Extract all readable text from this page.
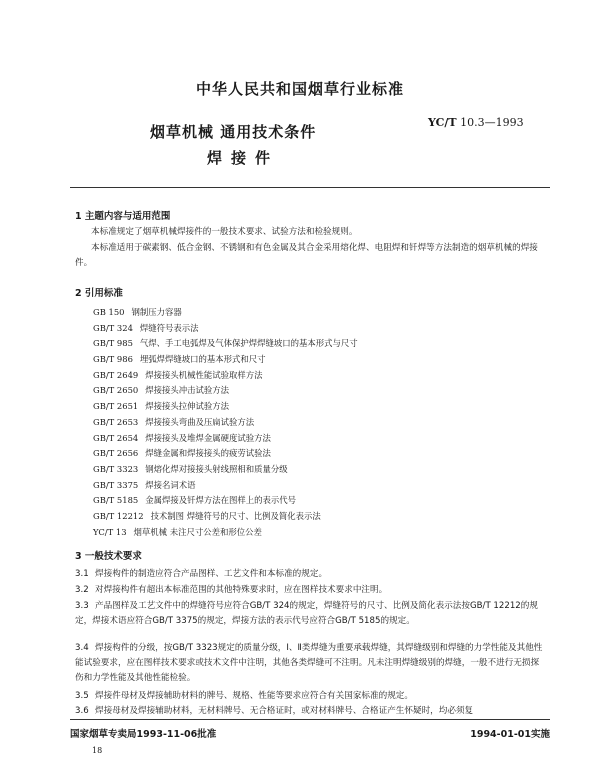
中华人民共和国烟草行业标准
烟草机械 通用技术条件
焊接件
YC/T 10.3—1993
1 主题内容与适用范围
本标准规定了烟草机械焊接件的一般技术要求、试验方法和检验规则。
本标准适用于碳素钢、低合金钢、不锈钢和有色金属及其合金采用熔化焊、电阻焊和钎焊等方法制造的烟草机械的焊接件。
2 引用标准
GB 150 钢制压力容器
GB/T 324 焊缝符号表示法
GB/T 985 气焊、手工电弧焊及气体保护焊焊缝坡口的基本形式与尺寸
GB/T 986 埋弧焊焊缝坡口的基本形式和尺寸
GB/T 2649 焊接接头机械性能试验取样方法
GB/T 2650 焊接接头冲击试验方法
GB/T 2651 焊接接头拉伸试验方法
GB/T 2653 焊接接头弯曲及压扁试验方法
GB/T 2654 焊接接头及堆焊金属硬度试验方法
GB/T 2656 焊缝金属和焊接接头的疲劳试验法
GB/T 3323 钢熔化焊对接接头射线照相和质量分级
GB/T 3375 焊接名词术语
GB/T 5185 金属焊接及钎焊方法在图样上的表示代号
GB/T 12212 技术制图 焊缝符号的尺寸、比例及简化表示法
YC/T 13 烟草机械 未注尺寸公差和形位公差
3 一般技术要求
3.1 焊接构件的制造应符合产品图样、工艺文件和本标准的规定。
3.2 对焊接构件有超出本标准范围的其他特殊要求时，应在图样技术要求中注明。
3.3 产品图样及工艺文件中的焊缝符号应符合GB/T 324的规定，焊缝符号的尺寸、比例及简化表示法按GB/T 12212的规定，焊接术语应符合GB/T 3375的规定，焊接方法的表示代号应符合GB/T 5185的规定。
3.4 焊接构件的分级，按GB/T 3323规定的质量分级，Ⅰ、Ⅱ类焊缝为重要承载焊缝，其焊缝级别和焊缝的力学性能及其他性能试验要求，应在图样技术要求或技术文件中注明，其他各类焊缝可不注明。凡未注明焊缝级别的焊缝，一般不进行无损探伤和力学性能及其他性能检验。
3.5 焊接件母材及焊接辅助材料的牌号、规格、性能等要求应符合有关国家标准的规定。
3.6 焊接母材及焊接辅助材料，无材料牌号、无合格证时，或对材料牌号、合格证产生怀疑时，均必须复
国家烟草专卖局1993-11-06批准	1994-01-01实施
18
